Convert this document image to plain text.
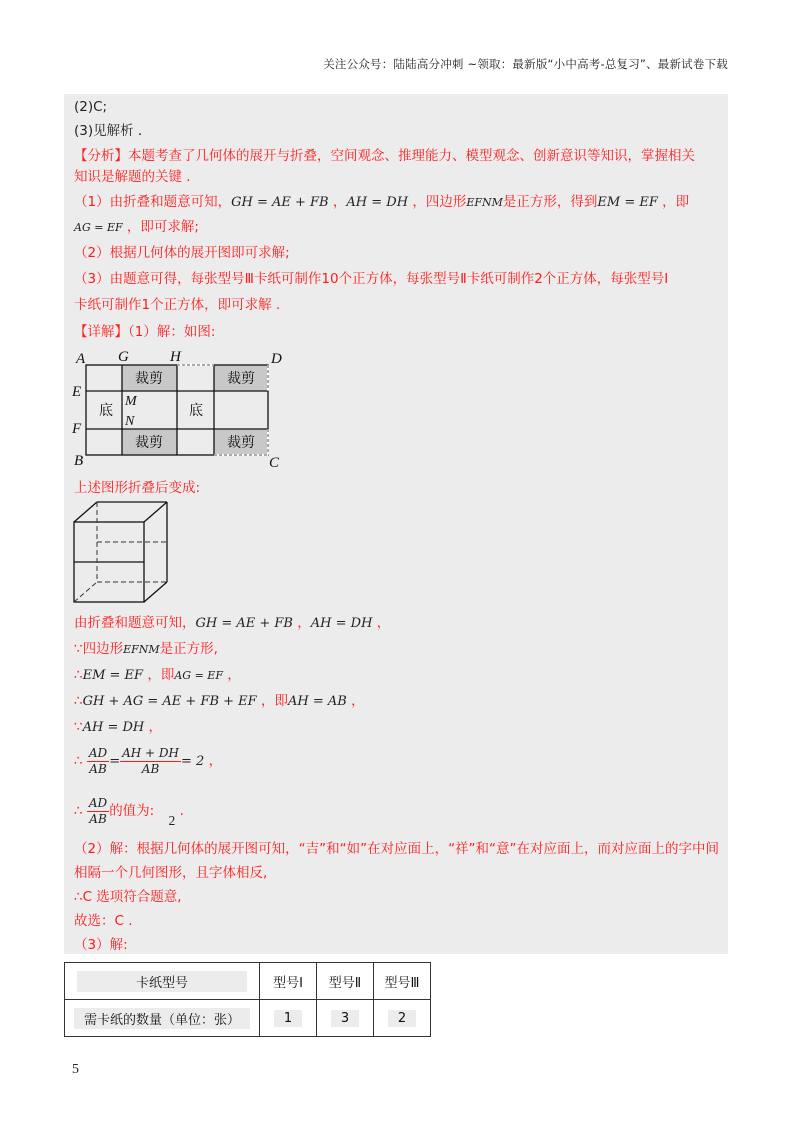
关注公众号：陆陆高分冲刺 ~领取：最新版“小中高考-总复习”、最新试卷下载
(2)C;
(3)见解析 .
【分析】本题考查了几何体的展开与折叠，空间观念、推理能力、模型观念、创新意识等知识，掌握相关
知识是解题的关键 .
（1）由折叠和题意可知，GH = AE + FB ，AH = DH ，四边形EFNM是正方形，得到EM = EF ，即
AG = EF ，即可求解;
（2）根据几何体的展开图即可求解;
（3）由题意可得，每张型号Ⅲ卡纸可制作10个正方体，每张型号Ⅱ卡纸可制作2个正方体，每张型号Ⅰ
卡纸可制作1个正方体，即可求解 .
【详解】（1）解：如图:
A G	H	D
E
F
B	C
M
N
裁剪	裁剪
裁剪	裁剪
底	底
上述图形折叠后变成:
由折叠和题意可知，GH = AE + FB ，AH = DH ，
∵四边形EFNM是正方形,
∴EM = EF ，即AG = EF ，
∴GH + AG = AE + FB + EF ，即AH = AB ，
∵AH = DH ，
∴ $\frac{AD}{AB} = \frac{AH + DH}{AB} = 2$ ，
∴ $\frac{AD}{AB}$ 的值为: 2 .
（2）解：根据几何体的展开图可知，“吉”和“如”在对应面上，“祥”和“意”在对应面上，而对应面上的字中间
相隔一个几何图形，且字体相反,
∴C 选项符合题意,
故选：C .
（3）解:
卡纸型号	型号Ⅰ	型号Ⅱ	型号Ⅲ
需卡纸的数量（单位：张）	1	3	2
5
